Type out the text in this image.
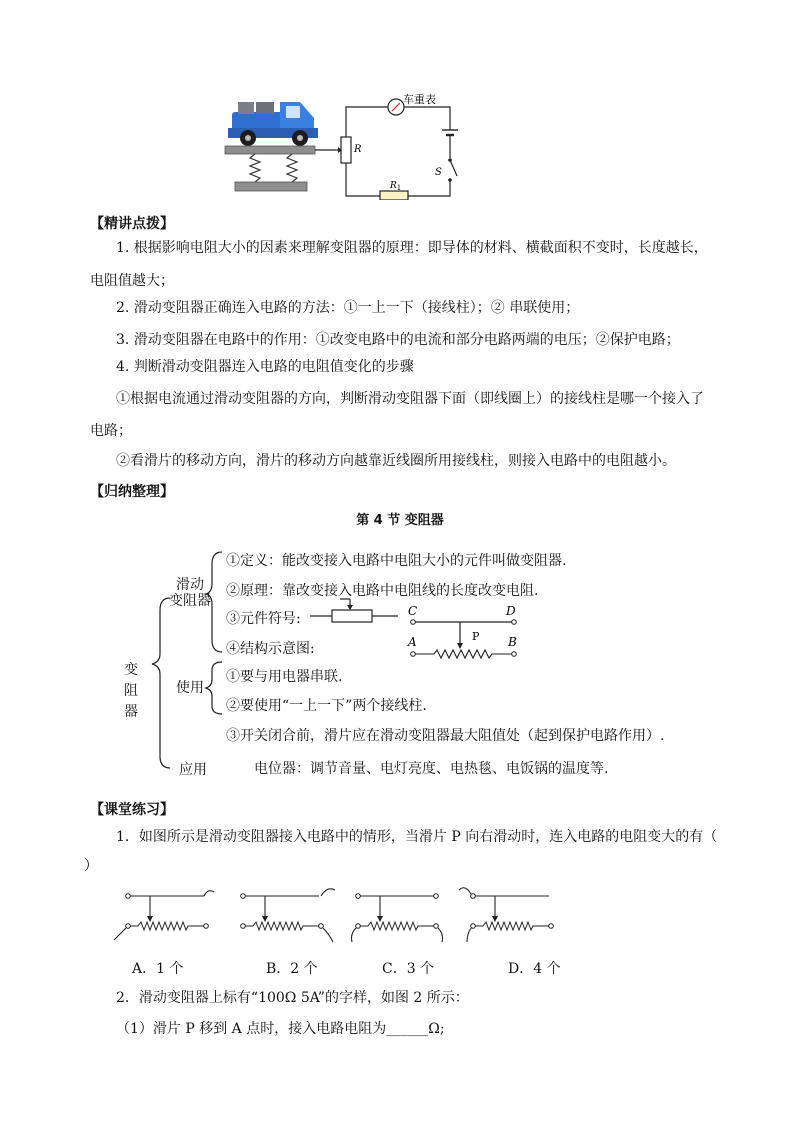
R
车重表
S
$R_1$
【精讲点拨】
1. 根据影响电阻大小的因素来理解变阻器的原理：即导体的材料、横截面积不变时，长度越长，
电阻值越大；
2. 滑动变阻器正确连入电路的方法：①一上一下（接线柱）；② 串联使用；
3. 滑动变阻器在电路中的作用：①改变电路中的电流和部分电路两端的电压；②保护电路；
4. 判断滑动变阻器连入电路的电阻值变化的步骤
①根据电流通过滑动变阻器的方向，判断滑动变阻器下面（即线圈上）的接线柱是哪一个接入了
电路；
②看滑片的移动方向，滑片的移动方向越靠近线圈所用接线柱，则接入电路中的电阻越小。
【归纳整理】
第 4 节 变阻器
变
阻
器
滑动
变阻器
使用
应用
①定义：能改变接入电路中电阻大小的元件叫做变阻器.
②原理：靠改变接入电路中电阻线的长度改变电阻.
③元件符号:
④结构示意图:
C	D
P
A	B
①要与用电器串联.
②要使用“一上一下”两个接线柱.
③开关闭合前，滑片应在滑动变阻器最大阻值处（起到保护电路作用）.
电位器：调节音量、电灯亮度、电热毯、电饭锅的温度等.
【课堂练习】
1．如图所示是滑动变阻器接入电路中的情形，当滑片 P 向右滑动时，连入电路的电阻变大的有（
）
A．1 个	B．2 个	C．3 个	D．4 个
2．滑动变阻器上标有“100Ω 5A”的字样，如图 2 所示：
（1）滑片 P 移到 A 点时，接入电路电阻为______Ω;
